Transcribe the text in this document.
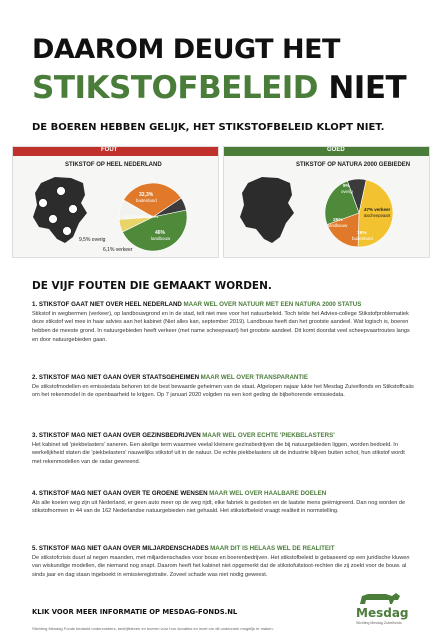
DAAROM DEUGT HET
STIKSTOFBELEID NIET
DE BOEREN HEBBEN GELIJK, HET STIKSTOFBELEID KLOPT NIET.
FOUT
STIKSTOF OP HEEL NEDERLAND
32,3%
buitenland
6,1% huishoudens
46%
landbouw
9,5% overig
6,1% verkeer
GOED
STIKSTOF OP NATURA 2000 GEBIEDEN
9%
overig
47% verkeer
&scheepvaart
25%
landbouw
19%
buitenland
DE VIJF FOUTEN DIE GEMAAKT WORDEN.
1. STIKSTOF GAAT NIET OVER HEEL NEDERLAND MAAR WEL OVER NATUUR MET EEN NATURA 2000 STATUS
Stikstof in wegbermen (verkeer), op landbouwgrond en in de stad, telt niet mee voor het natuurbeleid. Toch telde het Advies-college Stikstofproblematiek deze stikstof wel mee in haar advies aan het kabinet (Niet alles kan, september 2019). Landbouw heeft dan het grootste aandeel. Wat logisch is, boeren hebben de meeste grond. In natuurgebieden heeft verkeer (met name scheepvaart) het grootste aandeel. Dit komt doordat veel scheepvaartroutes langs en door natuurgebieden gaan.
2. STIKSTOF MAG NIET GAAN OVER STAATSGEHEIMEN MAAR WEL OVER TRANSPARANTIE
De stikstofmodellen en emissiedata behoren tot de best bewaarde geheimen van de staat. Afgelopen najaar lukte het Mesdag Zuivelfonds en Stikstoffcaiis om het rekenmodel in de openbaarheid te krijgen. Op 7 januari 2020 volgden na een kort geding de bijbehorende emissiedata.
3. STIKSTOF MAG NIET GAAN OVER GEZINSBEDRIJVEN MAAR WEL OVER ECHTE 'PIEKBELASTERS'
Het kabinet wil 'piekbelasters' saneren. Een akelige term waarmee veelal kleinere gezinsbedrijven die bij natuurgebieden liggen, worden bedoeld. In werkelijkheid staten die 'piekbelasters' nauwelijks stikstof uit in de natuur. De echte piekbelasters uit de industrie blijven buiten schot, hun stikstof wordt met rekenmodellen van de radar gewreend.
4. STIKSTOF MAG NIET GAAN OVER TE GROENE WENSEN MAAR WEL OVER HAALBARE DOELEN
Als alle koeien weg zijn uit Nederland, er geen auto meer op de weg rijdt, elke fabriek is gesloten en de laatste mens geëmigreerd. Dan nog worden de stikstofnormen in 44 van de 162 Nederlandse natuurgebieden niet gehaald. Het stikstofbeleid vraagt realiteit in normstelling.
5. STIKSTOF MAG NIET GAAN OVER MILJARDENSCHADES MAAR DIT IS HELAAS WEL DE REALITEIT
De stikstofcrisis duurt al negen maanden, met miljardenschades voor bouw en boerenbedrijven. Het stikstofbeleid is gebaseerd op een juridische kluwen van wiskundige modellen, die niemand nog snapt. Daarom heeft het kabinet niet opgemerkt dat de stikstofuitstoot-rechten die zij zoekt voor de bouw. al sinds jaar en dag staan ingeboekt in emissieregistratie. Zoveel schade was niet nodig geweest.
KLIK VOOR MEER INFORMATIE OP MESDAG-FONDS.NL
Stichting Mesdag Fonds bedankt onderzoekers, bedrijfsleven en boeren voor hun donaties en inzet om dit onderzoek mogelijk te maken.
Mesdag
Stichting Mesdag Zuivelfonds
